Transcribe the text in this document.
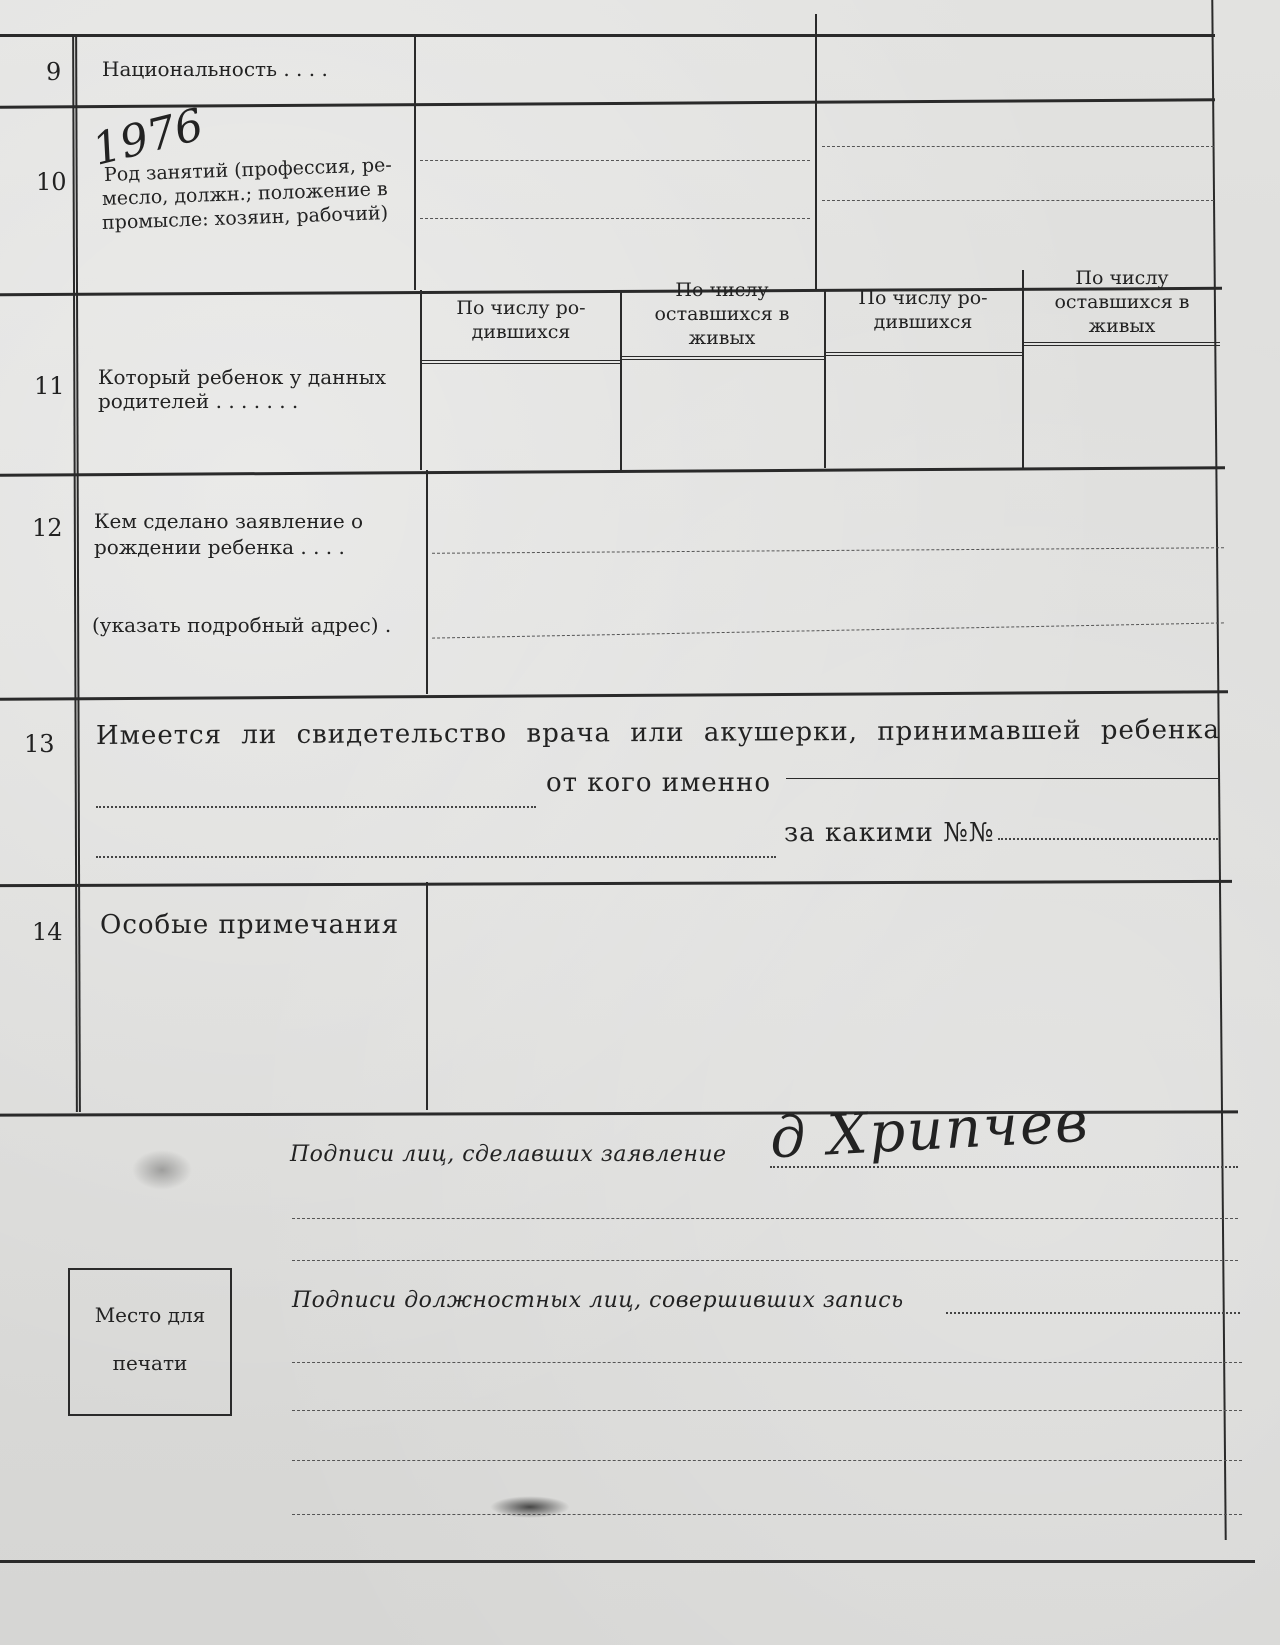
9 Национальность . . . .
1976
10 Род занятий (профессия, ре-
месло, должн.; положение в
промысле: хозяин, рабочий)
По числу ро-
дившихся
По числу
оставшихся в
живых
По числу ро-
дившихся
По числу
оставшихся в
живых
11 Который ребенок у данных
родителей . . . . . . .
12 Кем сделано заявление о
рождении ребенка . . . .
(указать подробный адрес) .
13 Имеется ли свидетельство врача или акушерки, принимавшей ребенка
от кого именно
за какими №№
14 Особые примечания
Подписи лиц, сделавших заявление д Хрипчев
Подписи должностных лиц, совершивших запись
Место для
печати
